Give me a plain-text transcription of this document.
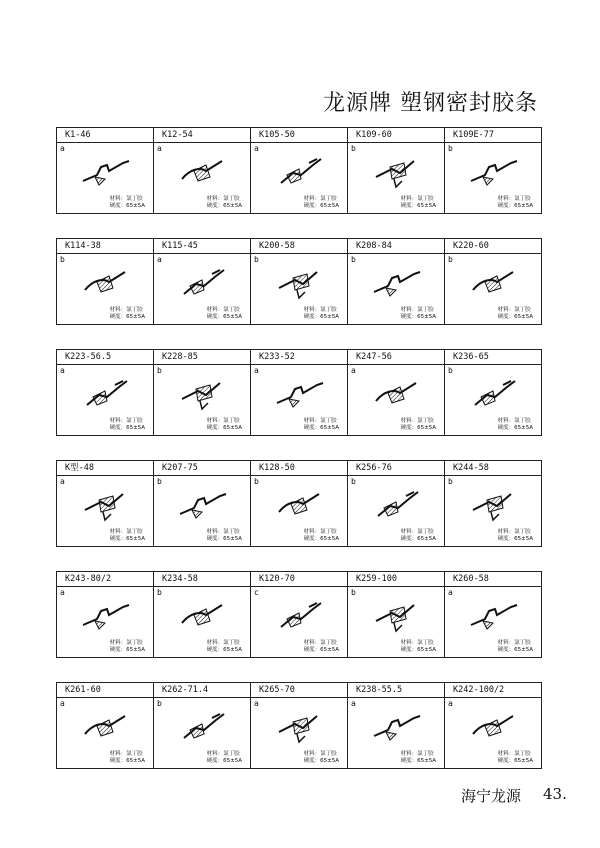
龙源牌 塑钢密封胶条
K1-46	K12-54	K105-50	K109-60	K109E-77
a
材料：氯丁胶
硬度：65±5A
a
材料：氯丁胶
硬度：65±5A
a
材料：氯丁胶
硬度：65±5A
b
材料：氯丁胶
硬度：65±5A
b
材料：氯丁胶
硬度：65±5A
K114-38	K115-45	K200-58	K208-84	K220-60
b
材料：氯丁胶
硬度：65±5A
a
材料：氯丁胶
硬度：65±5A
b
材料：氯丁胶
硬度：65±5A
b
材料：氯丁胶
硬度：65±5A
b
材料：氯丁胶
硬度：65±5A
K223-56.5	K228-85	K233-52	K247-56	K236-65
a
材料：氯丁胶
硬度：65±5A
b
材料：氯丁胶
硬度：65±5A
a
材料：氯丁胶
硬度：65±5A
a
材料：氯丁胶
硬度：65±5A
b
材料：氯丁胶
硬度：65±5A
K型-48	K207-75	K128-50	K256-76	K244-58
a
材料：氯丁胶
硬度：65±5A
b
材料：氯丁胶
硬度：65±5A
b
材料：氯丁胶
硬度：65±5A
b
材料：氯丁胶
硬度：65±5A
b
材料：氯丁胶
硬度：65±5A
K243-80/2	K234-58	K120-70	K259-100	K260-58
a
材料：氯丁胶
硬度：65±5A
b
材料：氯丁胶
硬度：65±5A
c
材料：氯丁胶
硬度：65±5A
b
材料：氯丁胶
硬度：65±5A
a
材料：氯丁胶
硬度：65±5A
K261-60	K262-71.4	K265-70	K238-55.5	K242-100/2
a
材料：氯丁胶
硬度：65±5A
b
材料：氯丁胶
硬度：65±5A
a
材料：氯丁胶
硬度：65±5A
a
材料：氯丁胶
硬度：65±5A
a
材料：氯丁胶
硬度：65±5A
海宁龙源 43.
